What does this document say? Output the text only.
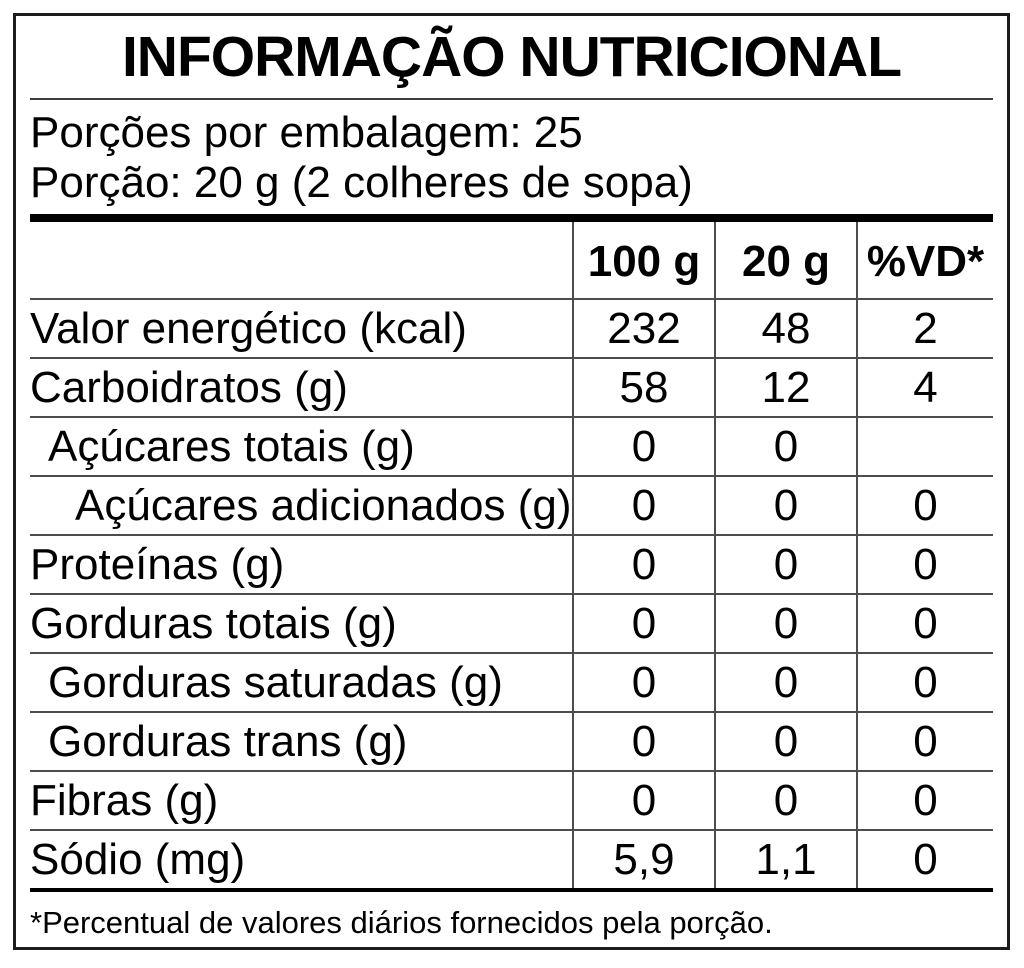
INFORMAÇÃO NUTRICIONAL
Porções por embalagem: 25
Porção: 20 g (2 colheres de sopa)
	100 g	20 g	%VD*
Valor energético (kcal)	232	48	2
Carboidratos (g)	58	12	4
Açúcares totais (g)	0	0	
Açúcares adicionados (g)	0	0	0
Proteínas (g)	0	0	0
Gorduras totais (g)	0	0	0
Gorduras saturadas (g)	0	0	0
Gorduras trans (g)	0	0	0
Fibras (g)	0	0	0
Sódio (mg)	5,9	1,1	0
*Percentual de valores diários fornecidos pela porção.
